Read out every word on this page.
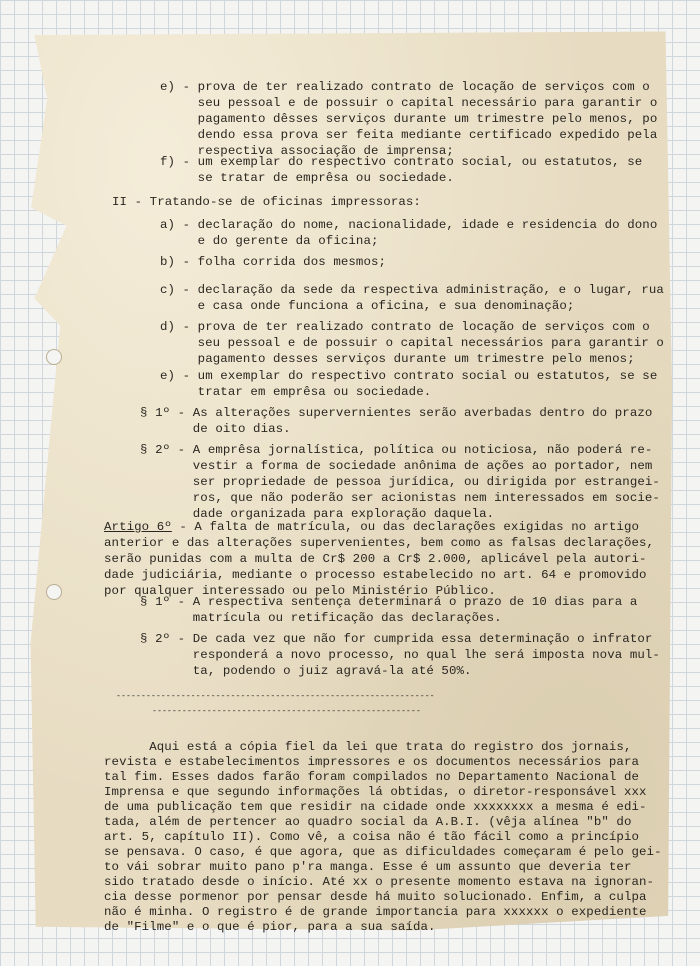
e) - prova de ter realizado contrato de locação de serviços com o
seu pessoal e de possuir o capital necessário para garantir o
pagamento dêsses serviços durante um trimestre pelo menos, po
dendo essa prova ser feita mediante certificado expedido pela
respectiva associação de imprensa;
f) - um exemplar do respectivo contrato social, ou estatutos, se
se tratar de emprêsa ou sociedade.
II - Tratando-se de oficinas impressoras:
a) - declaração do nome, nacionalidade, idade e residencia do dono
e do gerente da oficina;
b) - folha corrida dos mesmos;
c) - declaração da sede da respectiva administração, e o lugar, rua
e casa onde funciona a oficina, e sua denominação;
d) - prova de ter realizado contrato de locação de serviços com o
seu pessoal e de possuir o capital necessários para garantir o
pagamento desses serviços durante um trimestre pelo menos;
e) - um exemplar do respectivo contrato social ou estatutos, se se
tratar em emprêsa ou sociedade.
§ 1º - As alterações supervernientes serão averbadas dentro do prazo
de oito dias.
§ 2º - A emprêsa jornalística, política ou noticiosa, não poderá re-
vestir a forma de sociedade anônima de ações ao portador, nem
ser propriedade de pessoa jurídica, ou dirigida por estrangei-
ros, que não poderão ser acionistas nem interessados em socie-
dade organizada para exploração daquela.
Artigo 6º - A falta de matrícula, ou das declarações exigidas no artigo
anterior e das alterações supervenientes, bem como as falsas declarações,
serão punidas com a multa de Cr$ 200 a Cr$ 2.000, aplicável pela autori-
dade judiciária, mediante o processo estabelecido no art. 64 e promovido
por qualquer interessado ou pelo Ministério Público.
§ 1º - A respectiva sentença determinará o prazo de 10 dias para a
matrícula ou retificação das declarações.
§ 2º - De cada vez que não for cumprida essa determinação o infrator
responderá a novo processo, no qual lhe será imposta nova mul-
ta, podendo o juiz agravá-la até 50%.
----------------------------------------------------------------
------------------------------------------------------
Aqui está a cópia fiel da lei que trata do registro dos jornais,
revista e estabelecimentos impressores e os documentos necessários para
tal fim. Esses dados farão foram compilados no Departamento Nacional de
Imprensa e que segundo informações lá obtidas, o diretor-responsável xxx
de uma publicação tem que residir na cidade onde xxxxxxxx a mesma é edi-
tada, além de pertencer ao quadro social da A.B.I. (vêja alínea "b" do
art. 5, capítulo II). Como vê, a coisa não é tão fácil como a princípio
se pensava. O caso, é que agora, que as dificuldades começaram é pelo gei-
to vái sobrar muito pano p'ra manga. Esse é um assunto que deveria ter
sido tratado desde o início. Até xx o presente momento estava na ignoran-
cia desse pormenor por pensar desde há muito solucionado. Enfim, a culpa
não é minha. O registro é de grande importancia para xxxxxx o expediente
de "Filme" e o que é pior, para a sua saída.
